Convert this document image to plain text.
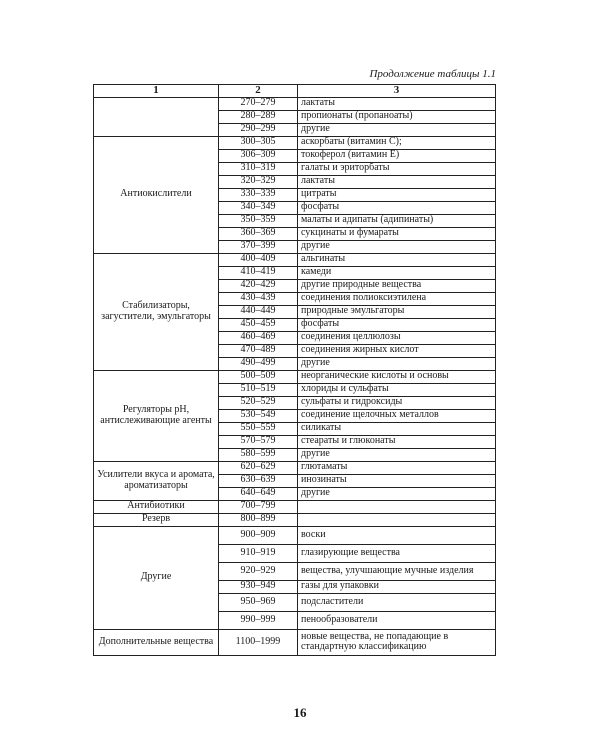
Продолжение таблицы 1.1
1	2	3
	270–279	лактаты
	280–289	пропионаты (пропаноаты)
	290–299	другие
Антиокислители	300–305	аскорбаты (витамин С);
	306–309	токоферол (витамин Е)
	310–319	галаты и эриторбаты
	320–329	лактаты
	330–339	цитраты
	340–349	фосфаты
	350–359	малаты и адипаты (адипинаты)
	360–369	сукцинаты и фумараты
	370–399	другие
Стабилизаторы, загустители, эмульгаторы	400–409	альгинаты
	410–419	камеди
	420–429	другие природные вещества
	430–439	соединения полиоксиэтилена
	440–449	природные эмульгаторы
	450–459	фосфаты
	460–469	соединения целлюлозы
	470–489	соединения жирных кислот
	490–499	другие
Регуляторы рН, антислеживающие агенты	500–509	неорганические кислоты и основы
	510–519	хлориды и сульфаты
	520–529	сульфаты и гидроксиды
	530–549	соединение щелочных металлов
	550–559	силикаты
	570–579	стеараты и глюконаты
	580–599	другие
Усилители вкуса и аромата, ароматизаторы	620–629	глютаматы
	630–639	инозинаты
	640–649	другие
Антибиотики	700–799	
Резерв	800–899	
Другие	900–909	воски
	910–919	глазирующие вещества
	920–929	вещества, улучшающие мучные изделия
	930–949	газы для упаковки
	950–969	подсластители
	990–999	пенообразователи
Дополнительные вещества	1100–1999	новые вещества, не попадающие в стандартную классификацию
16
